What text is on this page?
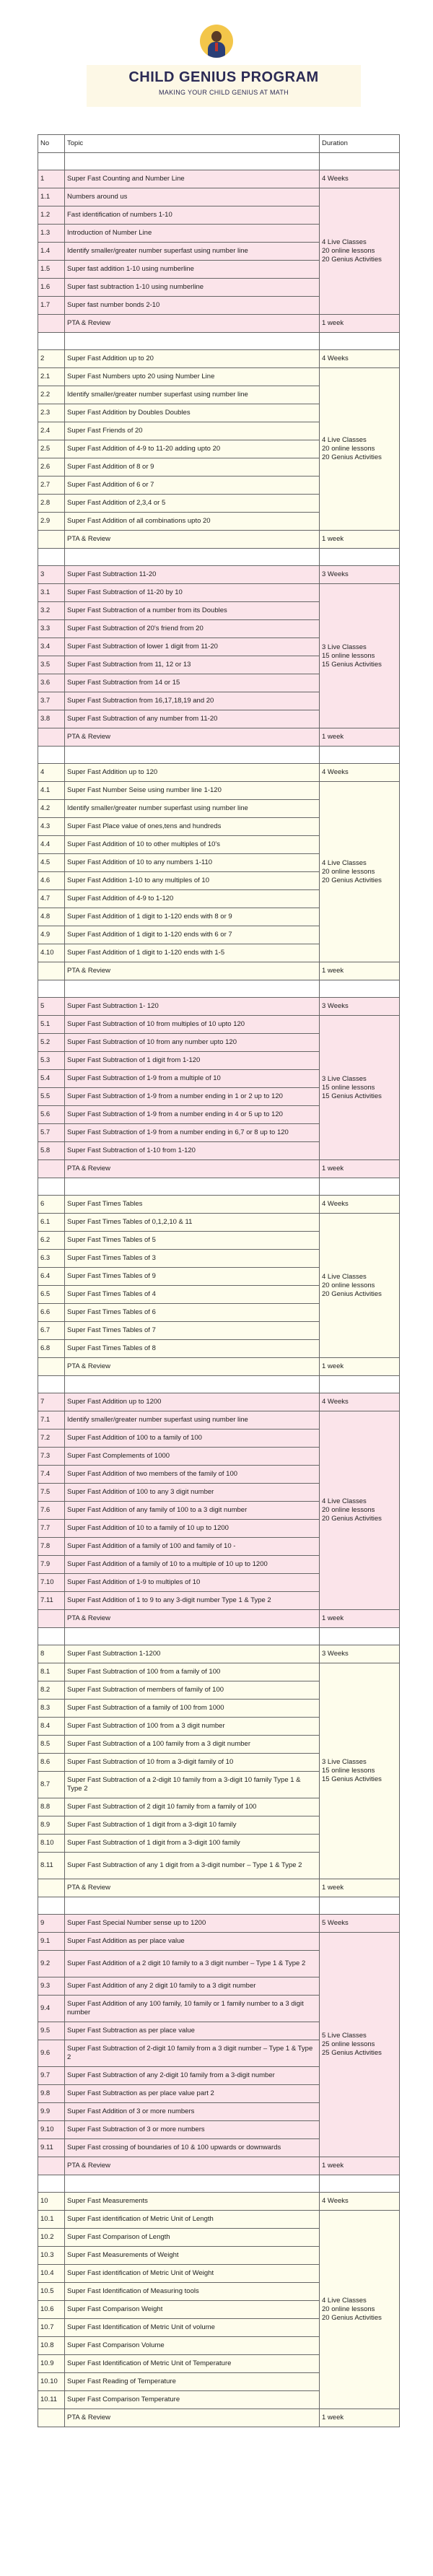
CHILD GENIUS PROGRAM
MAKING YOUR CHILD GENIUS AT MATH
No	Topic	Duration

1	Super Fast Counting and Number Line	4 Weeks
1.1	Numbers around us	4 Live Classes
20 online lessons
20 Genius Activities
1.2	Fast identification of numbers 1-10	
1.3	Introduction of Number Line	
1.4	Identify smaller/greater number superfast using number line	
1.5	Super fast addition 1-10 using numberline	
1.6	Super fast subtraction 1-10 using numberline	
1.7	Super fast number bonds 2-10	
	PTA & Review	1 week

2	Super Fast Addition up to 20	4 Weeks
2.1	Super Fast Numbers upto 20 using Number Line	4 Live Classes
20 online lessons
20 Genius Activities
2.2	Identify smaller/greater number superfast using number line	
2.3	Super Fast Addition by Doubles Doubles	
2.4	Super Fast Friends of 20	
2.5	Super Fast Addition of 4-9 to 11-20 adding upto 20	
2.6	Super Fast Addition of 8 or 9	
2.7	Super Fast Addition of 6 or 7	
2.8	Super Fast Addition of 2,3,4 or 5	
2.9	Super Fast Addition of all combinations upto 20	
	PTA & Review	1 week

3	Super Fast Subtraction 11-20	3 Weeks
3.1	Super Fast Subtraction of 11-20 by 10	3 Live Classes
15 online lessons
15 Genius Activities
3.2	Super Fast Subtraction of a number from its Doubles	
3.3	Super Fast Subtraction of 20's friend from 20	
3.4	Super Fast Subtraction of lower 1 digit from 11-20	
3.5	Super Fast Subtraction from 11, 12 or 13	
3.6	Super Fast Subtraction from 14 or 15	
3.7	Super Fast Subtraction from 16,17,18,19 and 20	
3.8	Super Fast Subtraction of any number from 11-20	
	PTA & Review	1 week

4	Super Fast Addition up to 120	4 Weeks
4.1	Super Fast Number Seise using number line 1-120	4 Live Classes
20 online lessons
20 Genius Activities
4.2	Identify smaller/greater number superfast using number line	
4.3	Super Fast Place value of ones,tens and hundreds	
4.4	Super Fast Addition of 10 to other multiples of 10's	
4.5	Super Fast Addition of 10 to any numbers 1-110	
4.6	Super Fast Addition 1-10 to any multiples of 10	
4.7	Super Fast Addition of 4-9 to 1-120	
4.8	Super Fast Addition of 1 digit to 1-120 ends with 8 or 9	
4.9	Super Fast Addition of 1 digit to 1-120 ends with 6 or 7	
4.10	Super Fast Addition of 1 digit to 1-120 ends with 1-5	
	PTA & Review	1 week

5	Super Fast Subtraction 1- 120	3 Weeks
5.1	Super Fast Subtraction of 10 from multiples of 10 upto 120	3 Live Classes
15 online lessons
15 Genius Activities
5.2	Super Fast Subtraction of 10 from any number upto 120	
5.3	Super Fast Subtraction of 1 digit from 1-120	
5.4	Super Fast Subtraction of 1-9 from a multiple of 10	
5.5	Super Fast Subtraction of 1-9 from a number ending in 1 or 2 up to 120	
5.6	Super Fast Subtraction of 1-9 from a number ending in 4 or 5 up to 120	
5.7	Super Fast Subtraction of 1-9 from a number ending in 6,7 or 8 up to 120	
5.8	Super Fast Subtraction of 1-10 from 1-120	
	PTA & Review	1 week

6	Super Fast Times Tables	4 Weeks
6.1	Super Fast Times Tables of 0,1,2,10 & 11	4 Live Classes
20 online lessons
20 Genius Activities
6.2	Super Fast Times Tables of 5	
6.3	Super Fast Times Tables of 3	
6.4	Super Fast Times Tables of 9	
6.5	Super Fast Times Tables of 4	
6.6	Super Fast Times Tables of 6	
6.7	Super Fast Times Tables of 7	
6.8	Super Fast Times Tables of 8	
	PTA & Review	1 week

7	Super Fast Addition up to 1200	4 Weeks
7.1	Identify smaller/greater number superfast using number line	4 Live Classes
20 online lessons
20 Genius Activities
7.2	Super Fast Addition of 100 to a family of 100	
7.3	Super Fast Complements of 1000	
7.4	Super Fast Addition of two members of the family of 100	
7.5	Super Fast Addition of 100 to any 3 digit number	
7.6	Super Fast Addition of any family of 100 to a 3 digit number	
7.7	Super Fast Addition of 10 to a family of 10 up to 1200	
7.8	Super Fast Addition of a family of 100 and family of 10 -	
7.9	Super Fast Addition of a family of 10 to a multiple of 10 up to 1200	
7.10	Super Fast Addition of 1-9 to multiples of 10	
7.11	Super Fast Addition of 1 to 9 to any 3-digit number Type 1 & Type 2	
	PTA & Review	1 week

8	Super Fast Subtraction 1-1200	3 Weeks
8.1	Super Fast Subtraction of 100 from a family of 100	3 Live Classes
15 online lessons
15 Genius Activities
8.2	Super Fast Subtraction of members of family of 100	
8.3	Super Fast Subtraction of a family of 100 from 1000	
8.4	Super Fast Subtraction of 100 from a 3 digit number	
8.5	Super Fast Subtraction of a 100 family from a 3 digit number	
8.6	Super Fast Subtraction of 10 from a 3-digit family of 10	
8.7	Super Fast Subtraction of a 2-digit 10 family from a 3-digit 10 family Type 1 & Type 2	
8.8	Super Fast Subtraction of 2 digit 10 family from a family of 100	
8.9	Super Fast Subtraction of 1 digit from a 3-digit 10 family	
8.10	Super Fast Subtraction of 1 digit from a 3-digit 100 family	
8.11	Super Fast Subtraction of any 1 digit from a 3-digit number – Type 1 & Type 2	
	PTA & Review	1 week

9	Super Fast Special Number sense up to 1200	5 Weeks
9.1	Super Fast Addition as per place value	5 Live Classes
25 online lessons
25 Genius Activities
9.2	Super Fast Addition of a 2 digit 10 family to a 3 digit number – Type 1 & Type 2	
9.3	Super Fast Addition of any 2 digit 10 family to a 3 digit number	
9.4	Super Fast Addition of any 100 family, 10 family or 1 family number to a 3 digit number	
9.5	Super Fast Subtraction as per place value	
9.6	Super Fast Subtraction of 2-digit 10 family from a 3 digit number – Type 1 & Type 2	
9.7	Super Fast Subtraction of any 2-digit 10 family from a 3-digit number	
9.8	Super Fast Subtraction as per place value part 2	
9.9	Super Fast Addition of 3 or more numbers	
9.10	Super Fast Subtraction of 3 or more numbers	
9.11	Super Fast crossing of boundaries of 10 & 100 upwards or downwards	
	PTA & Review	1 week

10	Super Fast Measurements	4 Weeks
10.1	Super Fast identification of Metric Unit of Length	4 Live Classes
20 online lessons
20 Genius Activities
10.2	Super Fast Comparison of Length	
10.3	Super Fast Measurements of Weight	
10.4	Super Fast identification of Metric Unit of Weight	
10.5	Super Fast Identification of Measuring tools	
10.6	Super Fast Comparison Weight	
10.7	Super Fast Identification of Metric Unit of volume	
10.8	Super Fast Comparison Volume	
10.9	Super Fast Identification of Metric Unit of Temperature	
10.10	Super Fast Reading of Temperature	
10.11	Super Fast Comparison Temperature	
	PTA & Review	1 week
